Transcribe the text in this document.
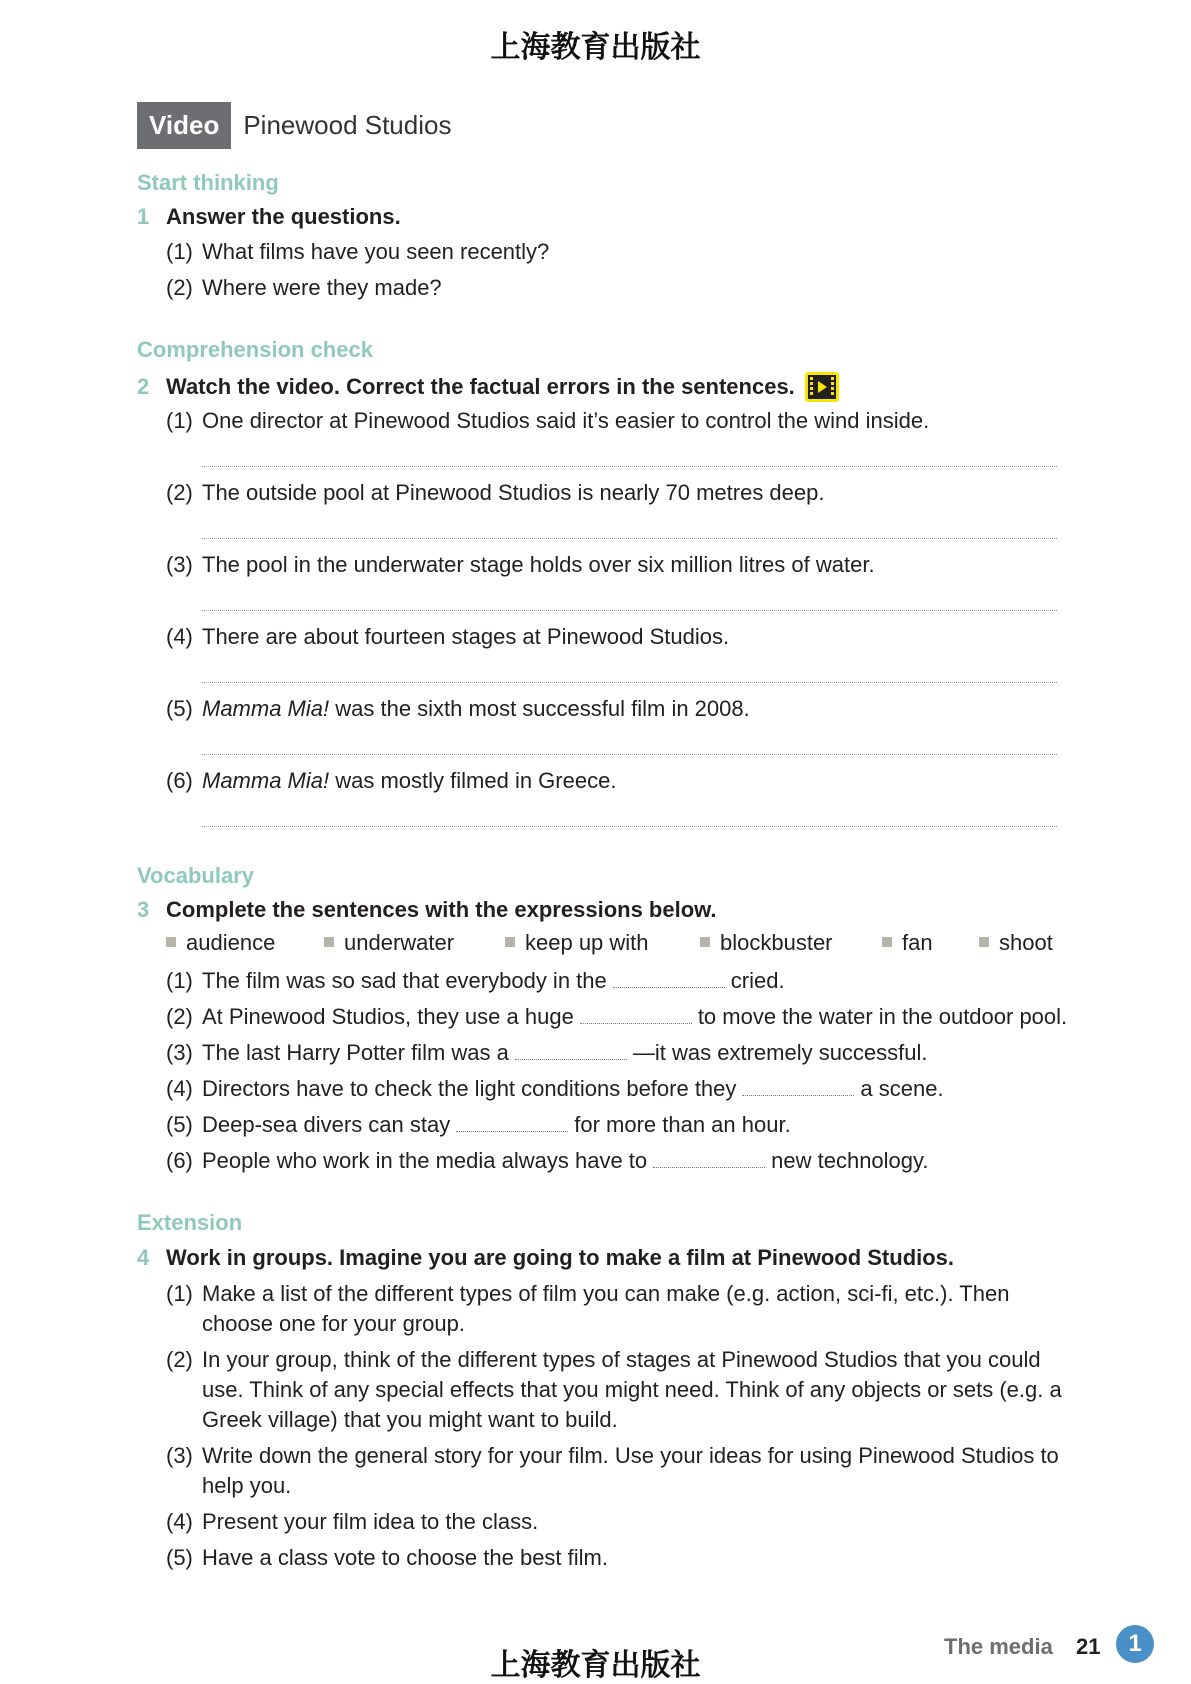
上海教育出版社
Video Pinewood Studios
Start thinking
1 Answer the questions.
(1) What films have you seen recently?
(2) Where were they made?
Comprehension check
2 Watch the video. Correct the factual errors in the sentences.
(1) One director at Pinewood Studios said it’s easier to control the wind inside.
(2) The outside pool at Pinewood Studios is nearly 70 metres deep.
(3) The pool in the underwater stage holds over six million litres of water.
(4) There are about fourteen stages at Pinewood Studios.
(5) Mamma Mia! was the sixth most successful film in 2008.
(6) Mamma Mia! was mostly filmed in Greece.
Vocabulary
3 Complete the sentences with the expressions below.
audience	underwater	keep up with	blockbuster	fan	shoot
(1) The film was so sad that everybody in the	cried.
(2) At Pinewood Studios, they use a huge	to move the water in the outdoor pool.
(3) The last Harry Potter film was a	—it was extremely successful.
(4) Directors have to check the light conditions before they	a scene.
(5) Deep-sea divers can stay	for more than an hour.
(6) People who work in the media always have to	new technology.
Extension
4 Work in groups. Imagine you are going to make a film at Pinewood Studios.
(1) Make a list of the different types of film you can make (e.g. action, sci-fi, etc.). Then choose one for your group.
(2) In your group, think of the different types of stages at Pinewood Studios that you could use. Think of any special effects that you might need. Think of any objects or sets (e.g. a Greek village) that you might want to build.
(3) Write down the general story for your film. Use your ideas for using Pinewood Studios to help you.
(4) Present your film idea to the class.
(5) Have a class vote to choose the best film.
上海教育出版社
The media 21	1
